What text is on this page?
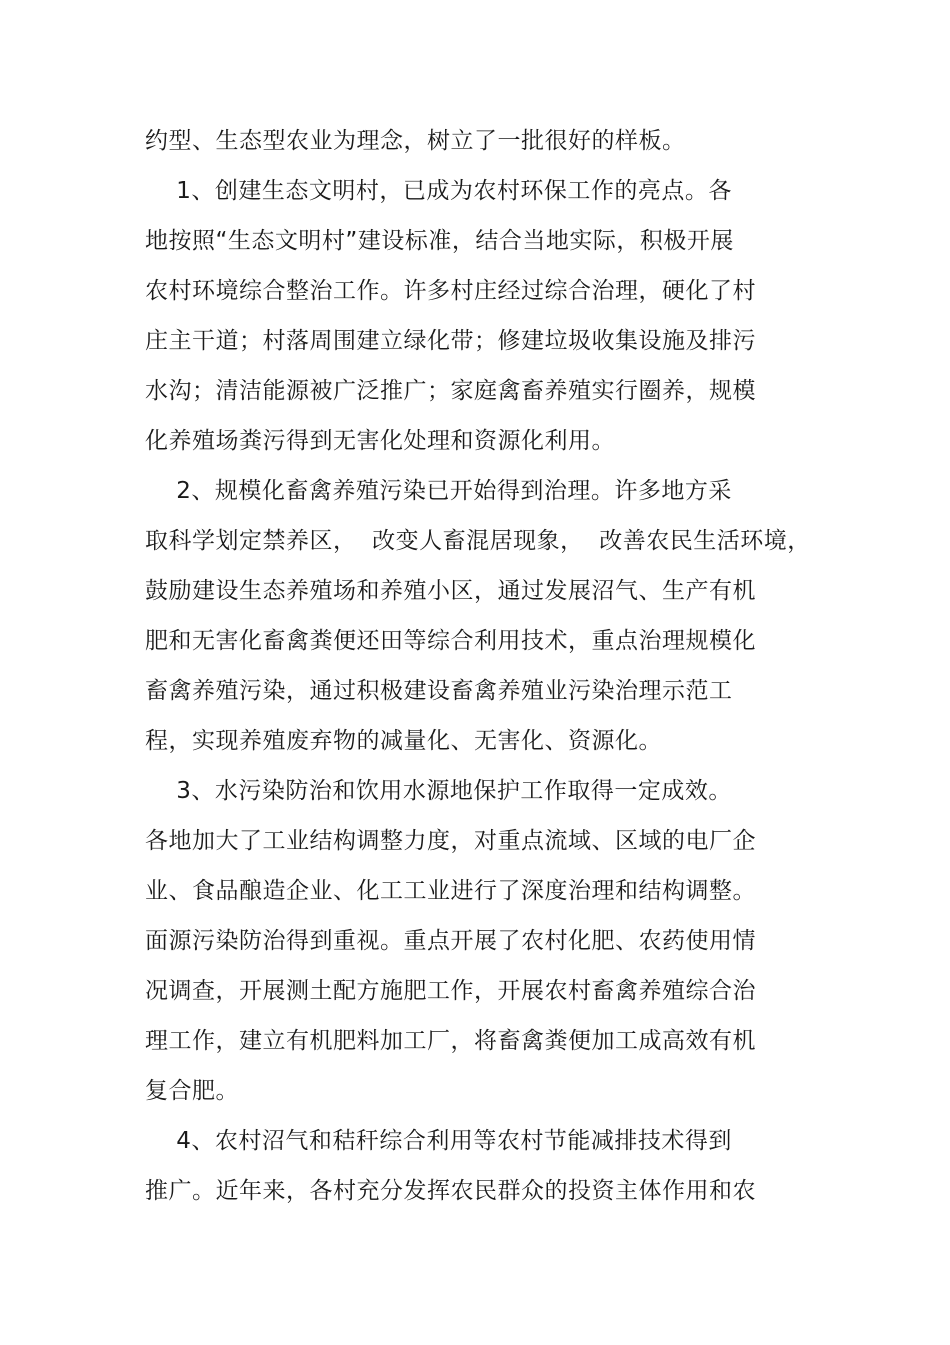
约型、生态型农业为理念，树立了一批很好的样板。
1、创建生态文明村，已成为农村环保工作的亮点。各
地按照“生态文明村”建设标准，结合当地实际，积极开展
农村环境综合整治工作。许多村庄经过综合治理，硬化了村
庄主干道；村落周围建立绿化带；修建垃圾收集设施及排污
水沟；清洁能源被广泛推广；家庭禽畜养殖实行圈养，规模
化养殖场粪污得到无害化处理和资源化利用。
2、规模化畜禽养殖污染已开始得到治理。许多地方采
取科学划定禁养区，  改变人畜混居现象，  改善农民生活环境，
鼓励建设生态养殖场和养殖小区，通过发展沼气、生产有机
肥和无害化畜禽粪便还田等综合利用技术，重点治理规模化
畜禽养殖污染，通过积极建设畜禽养殖业污染治理示范工
程，实现养殖废弃物的减量化、无害化、资源化。
3、水污染防治和饮用水源地保护工作取得一定成效。
各地加大了工业结构调整力度，对重点流域、区域的电厂企
业、食品酿造企业、化工工业进行了深度治理和结构调整。
面源污染防治得到重视。重点开展了农村化肥、农药使用情
况调查，开展测土配方施肥工作，开展农村畜禽养殖综合治
理工作，建立有机肥料加工厂，将畜禽粪便加工成高效有机
复合肥。
4、农村沼气和秸秆综合利用等农村节能减排技术得到
推广。近年来，各村充分发挥农民群众的投资主体作用和农
